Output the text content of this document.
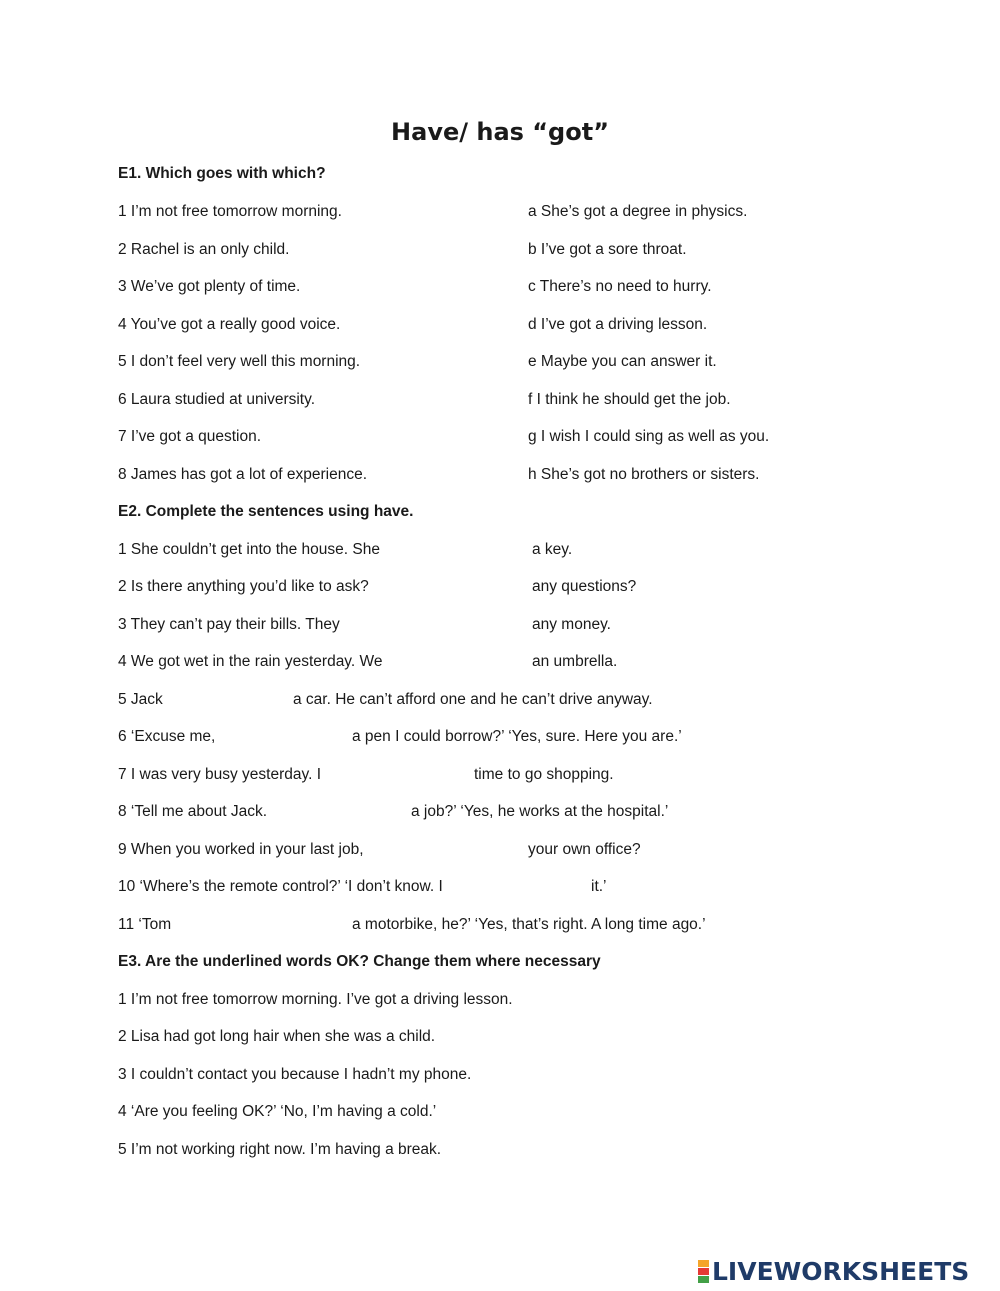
Have/ has “got”
E1. Which goes with which?
1 I’m not free tomorrow morning.	a She’s got a degree in physics.
2 Rachel is an only child.	b I’ve got a sore throat.
3 We’ve got plenty of time.	c There’s no need to hurry.
4 You’ve got a really good voice.	d I’ve got a driving lesson.
5 I don’t feel very well this morning.	e Maybe you can answer it.
6 Laura studied at university.	f I think he should get the job.
7 I’ve got a question.	g I wish I could sing as well as you.
8 James has got a lot of experience.	h She’s got no brothers or sisters.
E2. Complete the sentences using have.
1 She couldn’t get into the house. She	a key.
2 Is there anything you’d like to ask?	any questions?
3 They can’t pay their bills. They	any money.
4 We got wet in the rain yesterday. We	an umbrella.
5 Jack	a car. He can’t afford one and he can’t drive anyway.
6 ‘Excuse me,	a pen I could borrow?’ ‘Yes, sure. Here you are.’
7 I was very busy yesterday. I	time to go shopping.
8 ‘Tell me about Jack.	a job?’ ‘Yes, he works at the hospital.’
9 When you worked in your last job,	your own office?
10 ‘Where’s the remote control?’ ‘I don’t know. I	it.’
11 ‘Tom	a motorbike, he?’ ‘Yes, that’s right. A long time ago.’
E3. Are the underlined words OK? Change them where necessary
1 I’m not free tomorrow morning. I’ve got a driving lesson.
2 Lisa had got long hair when she was a child.
3 I couldn’t contact you because I hadn’t my phone.
4 ‘Are you feeling OK?’ ‘No, I’m having a cold.’
5 I’m not working right now. I’m having a break.
LIVEWORKSHEETS
